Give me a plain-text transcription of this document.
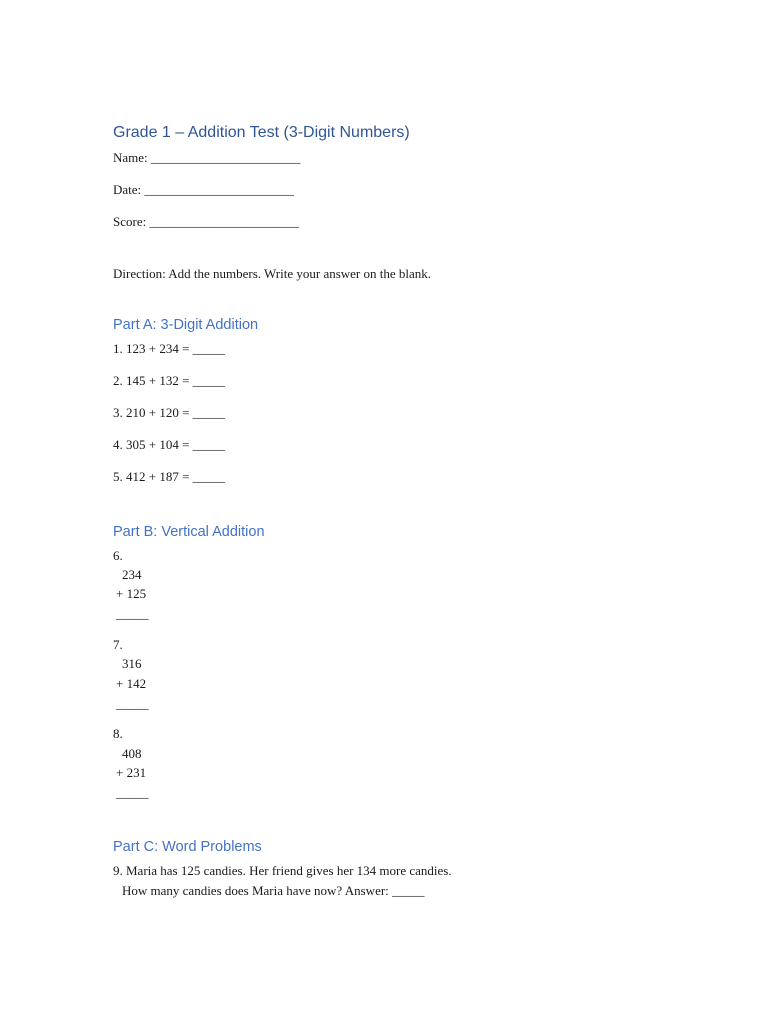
Grade 1 – Addition Test (3-Digit Numbers)
Name: _______________________
Date: _______________________
Score: _______________________
Direction: Add the numbers. Write your answer on the blank.
Part A: 3-Digit Addition
1. 123 + 234 = _____
2. 145 + 132 = _____
3. 210 + 120 = _____
4. 305 + 104 = _____
5. 412 + 187 = _____
Part B: Vertical Addition
6.
234
+ 125
_____
7.
316
+ 142
_____
8.
408
+ 231
_____
Part C: Word Problems
9. Maria has 125 candies. Her friend gives her 134 more candies.
How many candies does Maria have now? Answer: _____
